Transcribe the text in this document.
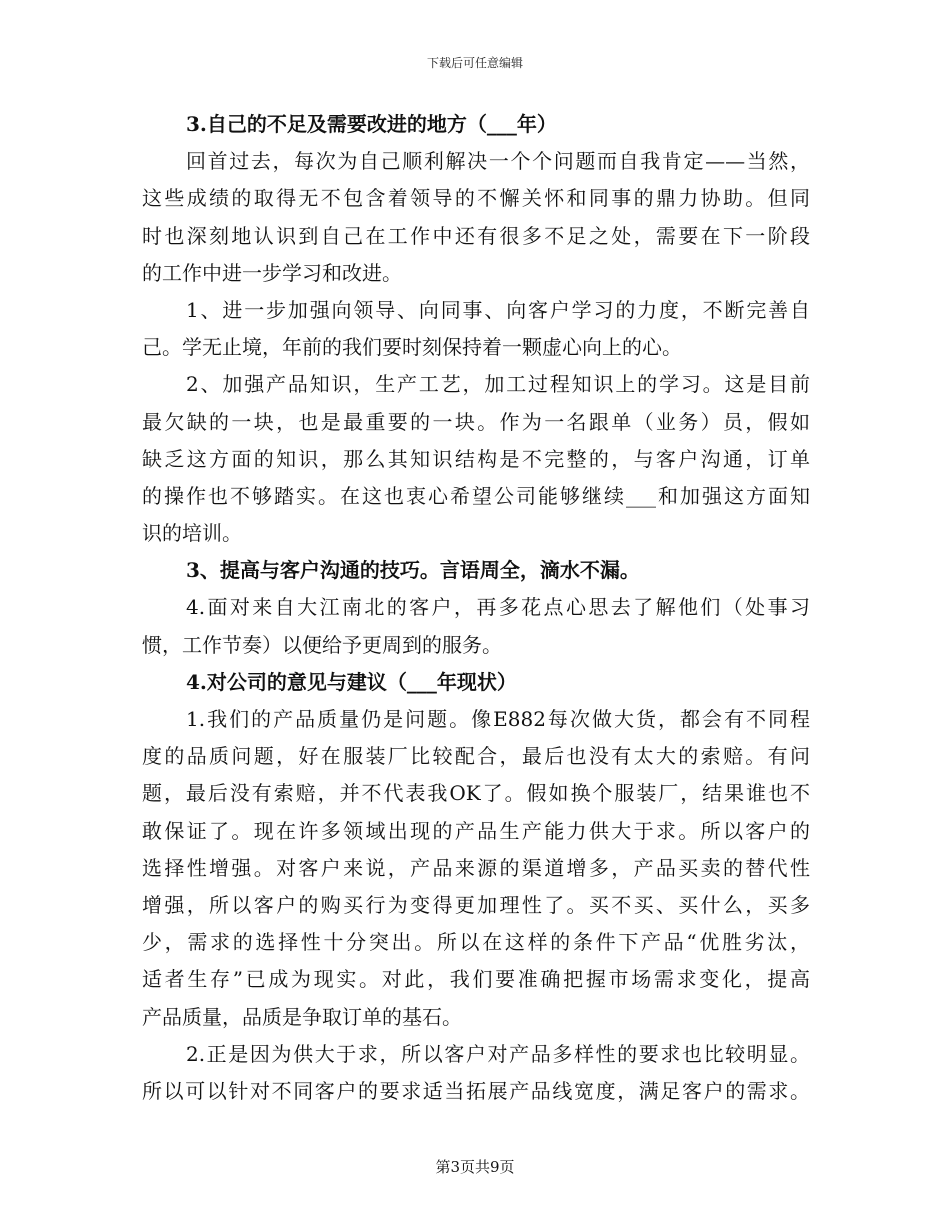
下载后可任意编辑
3.自己的不足及需要改进的地方（___年）
回首过去，每次为自己顺利解决一个个问题而自我肯定——当然，
这些成绩的取得无不包含着领导的不懈关怀和同事的鼎力协助。但同
时也深刻地认识到自己在工作中还有很多不足之处，需要在下一阶段
的工作中进一步学习和改进。
1、进一步加强向领导、向同事、向客户学习的力度，不断完善自
己。学无止境，年前的我们要时刻保持着一颗虚心向上的心。
2、加强产品知识，生产工艺，加工过程知识上的学习。这是目前
最欠缺的一块，也是最重要的一块。作为一名跟单（业务）员，假如
缺乏这方面的知识，那么其知识结构是不完整的，与客户沟通，订单
的操作也不够踏实。在这也衷心希望公司能够继续___和加强这方面知
识的培训。
3、提高与客户沟通的技巧。言语周全，滴水不漏。
4.面对来自大江南北的客户，再多花点心思去了解他们（处事习
惯，工作节奏）以便给予更周到的服务。
4.对公司的意见与建议（___年现状）
1.我们的产品质量仍是问题。像E882每次做大货，都会有不同程
度的品质问题，好在服装厂比较配合，最后也没有太大的索赔。有问
题，最后没有索赔，并不代表我OK了。假如换个服装厂，结果谁也不
敢保证了。现在许多领域出现的产品生产能力供大于求。所以客户的
选择性增强。对客户来说，产品来源的渠道增多，产品买卖的替代性
增强，所以客户的购买行为变得更加理性了。买不买、买什么，买多
少，需求的选择性十分突出。所以在这样的条件下产品“优胜劣汰，
适者生存”已成为现实。对此，我们要准确把握市场需求变化，提高
产品质量，品质是争取订单的基石。
2.正是因为供大于求，所以客户对产品多样性的要求也比较明显。
所以可以针对不同客户的要求适当拓展产品线宽度，满足客户的需求。
第3页共9页
